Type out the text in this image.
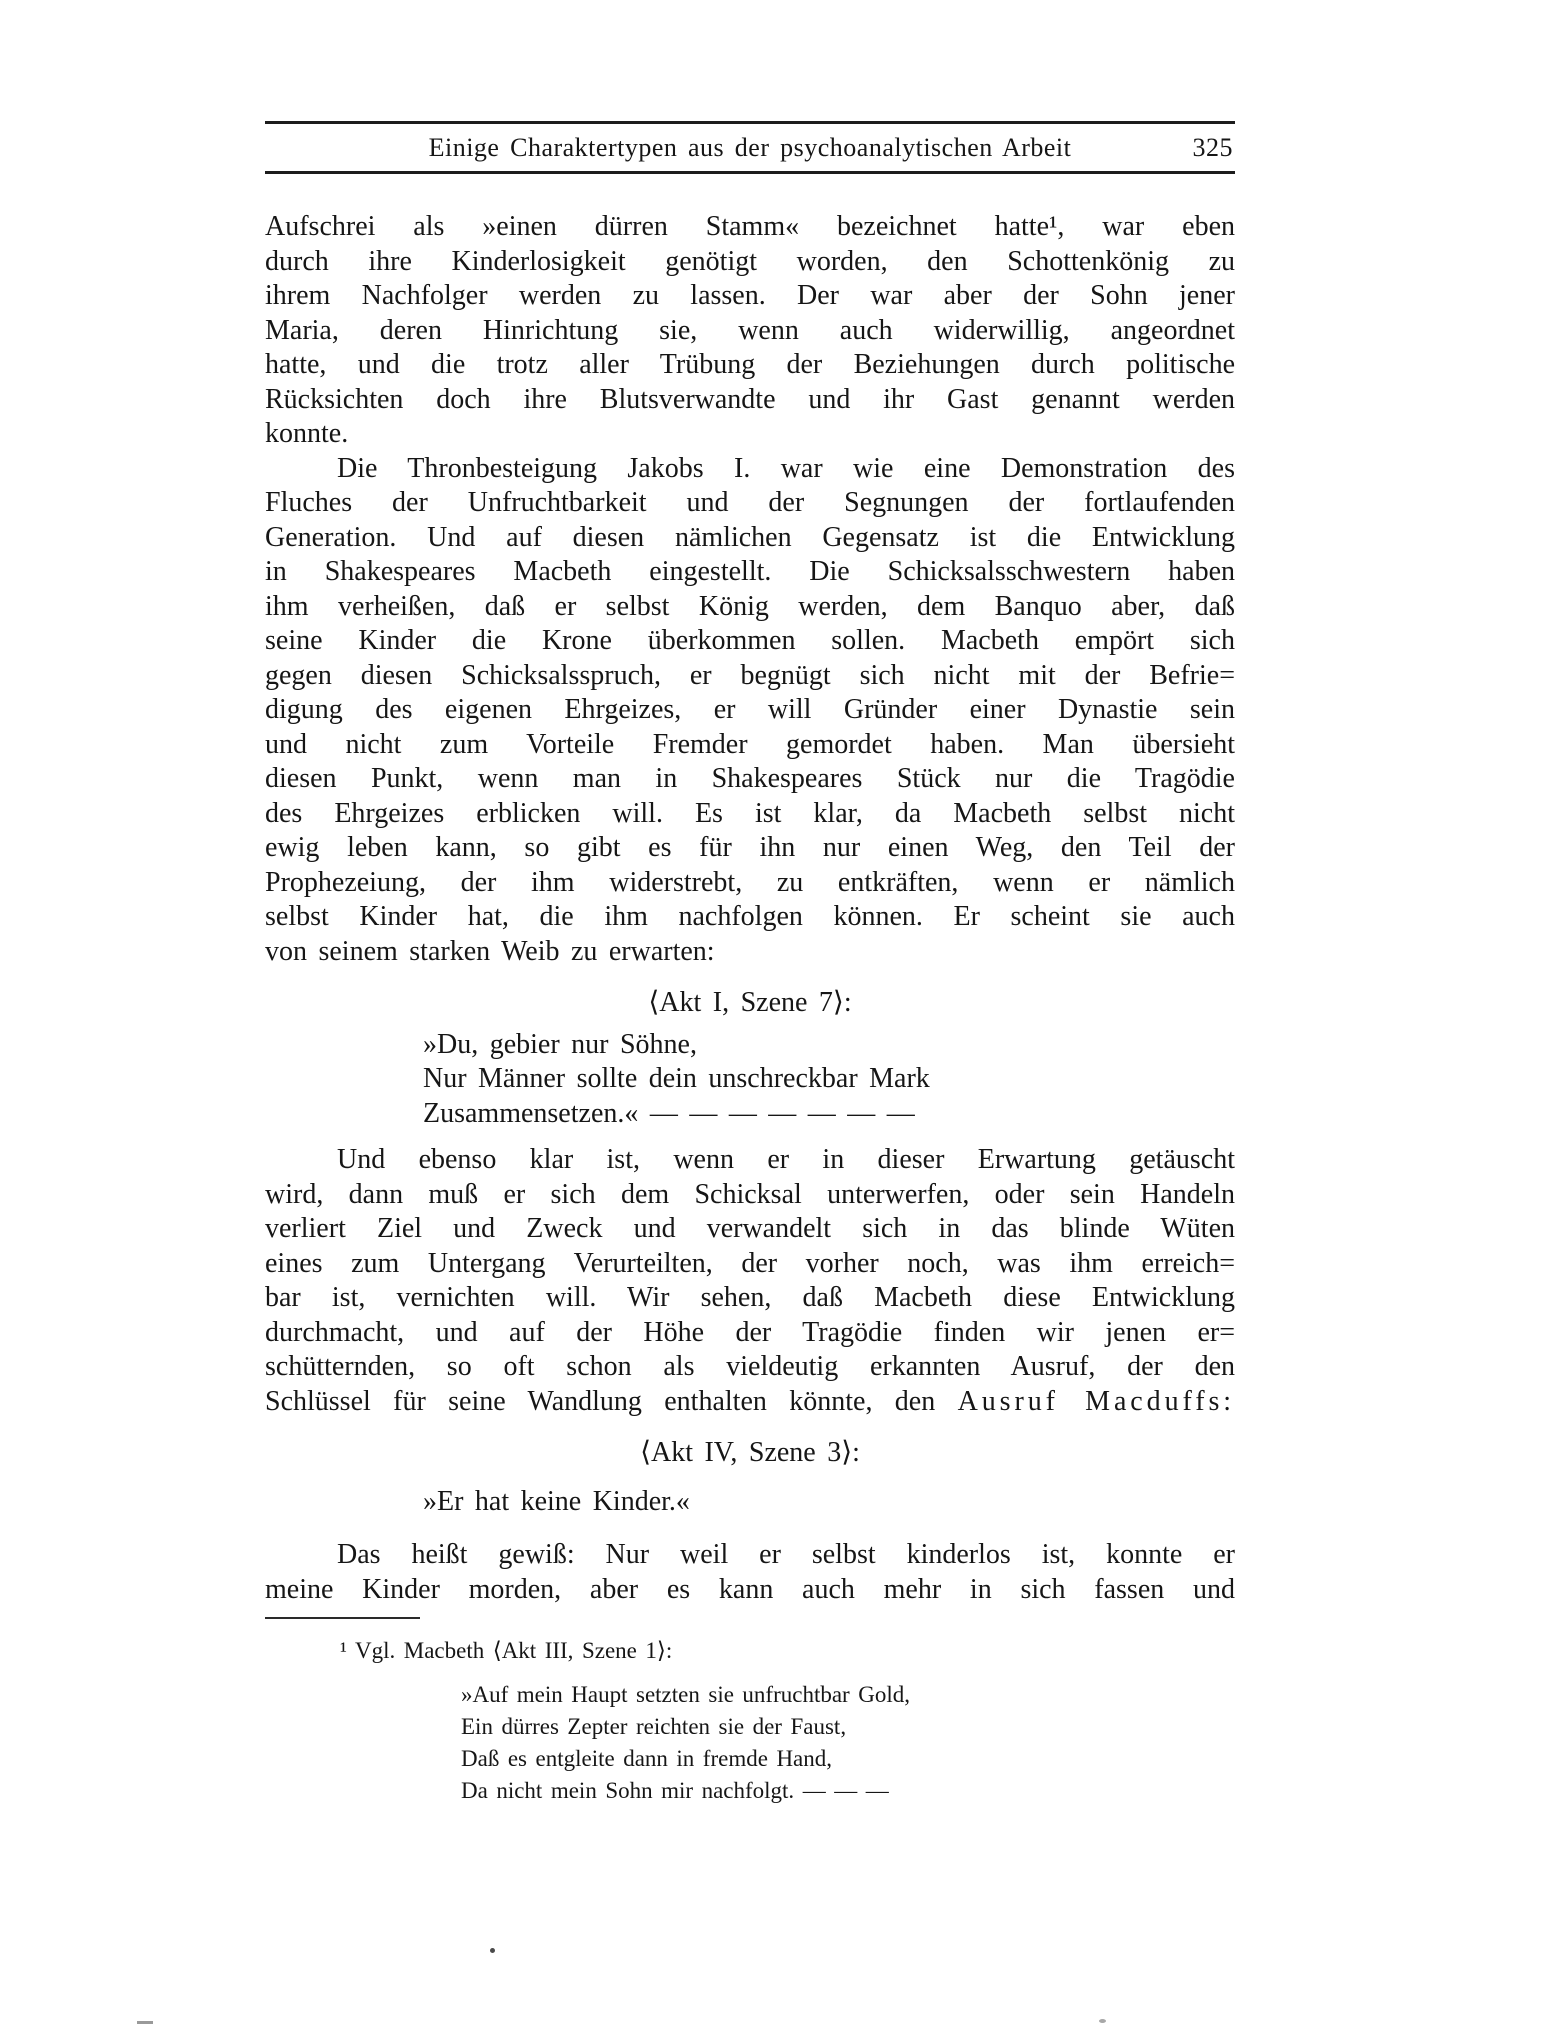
Einige Charaktertypen aus der psychoanalytischen Arbeit	325
Aufschrei als »einen dürren Stamm« bezeichnet hatte¹, war eben
durch ihre Kinderlosigkeit genötigt worden, den Schottenkönig zu
ihrem Nachfolger werden zu lassen. Der war aber der Sohn jener
Maria, deren Hinrichtung sie, wenn auch widerwillig, angeordnet
hatte, und die trotz aller Trübung der Beziehungen durch politische
Rücksichten doch ihre Blutsverwandte und ihr Gast genannt werden
konnte.
Die Thronbesteigung Jakobs I. war wie eine Demonstration des
Fluches der Unfruchtbarkeit und der Segnungen der fortlaufenden
Generation. Und auf diesen nämlichen Gegensatz ist die Entwicklung
in Shakespeares Macbeth eingestellt. Die Schicksalsschwestern haben
ihm verheißen, daß er selbst König werden, dem Banquo aber, daß
seine Kinder die Krone überkommen sollen. Macbeth empört sich
gegen diesen Schicksalsspruch, er begnügt sich nicht mit der Befrie=
digung des eigenen Ehrgeizes, er will Gründer einer Dynastie sein
und nicht zum Vorteile Fremder gemordet haben. Man übersieht
diesen Punkt, wenn man in Shakespeares Stück nur die Tragödie
des Ehrgeizes erblicken will. Es ist klar, da Macbeth selbst nicht
ewig leben kann, so gibt es für ihn nur einen Weg, den Teil der
Prophezeiung, der ihm widerstrebt, zu entkräften, wenn er nämlich
selbst Kinder hat, die ihm nachfolgen können. Er scheint sie auch
von seinem starken Weib zu erwarten:
⟨Akt I, Szene 7⟩:
»Du, gebier nur Söhne,
Nur Männer sollte dein unschreckbar Mark
Zusammensetzen.« — — — — — — —
Und ebenso klar ist, wenn er in dieser Erwartung getäuscht
wird, dann muß er sich dem Schicksal unterwerfen, oder sein Handeln
verliert Ziel und Zweck und verwandelt sich in das blinde Wüten
eines zum Untergang Verurteilten, der vorher noch, was ihm erreich=
bar ist, vernichten will. Wir sehen, daß Macbeth diese Entwicklung
durchmacht, und auf der Höhe der Tragödie finden wir jenen er=
schütternden, so oft schon als vieldeutig erkannten Ausruf, der den
Schlüssel für seine Wandlung enthalten könnte, den Ausruf Macduffs:
⟨Akt IV, Szene 3⟩:
»Er hat keine Kinder.«
Das heißt gewiß: Nur weil er selbst kinderlos ist, konnte er
meine Kinder morden, aber es kann auch mehr in sich fassen und
¹ Vgl. Macbeth ⟨Akt III, Szene 1⟩:
»Auf mein Haupt setzten sie unfruchtbar Gold,
Ein dürres Zepter reichten sie der Faust,
Daß es entgleite dann in fremde Hand,
Da nicht mein Sohn mir nachfolgt. — — —
